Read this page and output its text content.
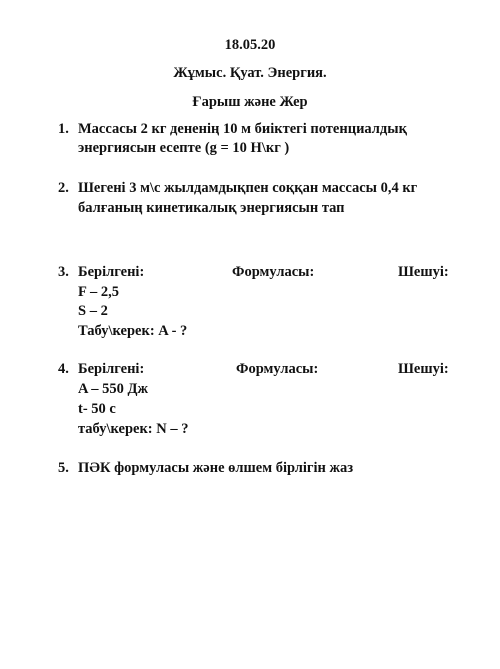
18.05.20
Жұмыс. Қуат. Энергия.
Ғарыш және Жер
1. Массасы 2 кг дененің 10 м биіктегі потенциалдық
энергиясын есепте (g = 10 Н\кг )
2. Шегені 3 м\с жылдамдықпен соққан массасы 0,4 кг
балғаның кинетикалық энергиясын тап
3. Берілгені:	Формуласы:	Шешуі:
F – 2,5
S – 2
Табу\керек: A - ?
4. Берілгені:	Формуласы:	Шешуі:
A – 550 Дж
t- 50 с
табу\керек: N – ?
5. ПӘК формуласы және өлшем бірлігін жаз
